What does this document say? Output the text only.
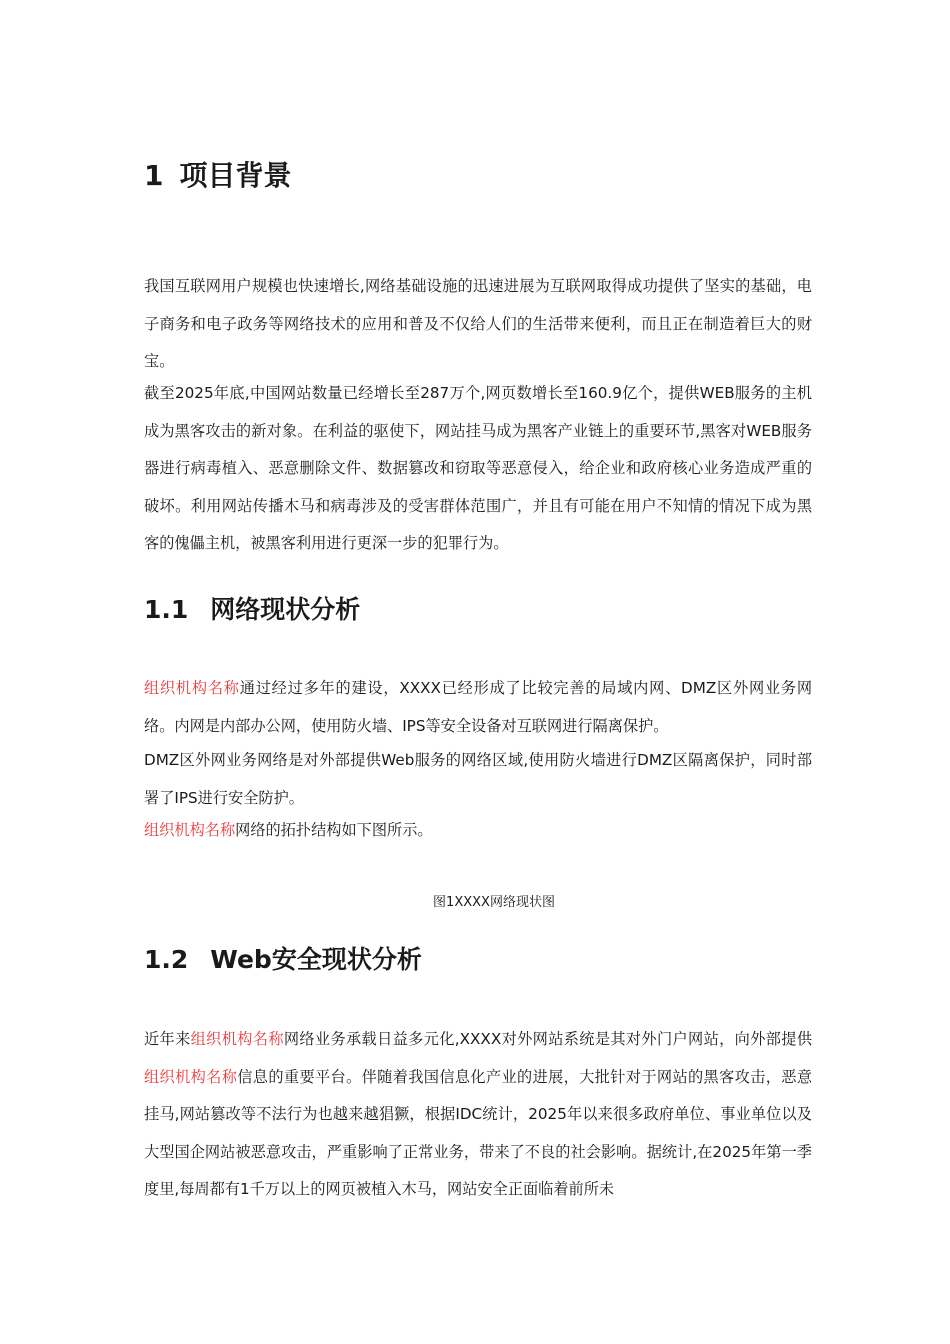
1 项目背景
我国互联网用户规模也快速增长,网络基础设施的迅速进展为互联网取得成功提供了坚实的基础，电子商务和电子政务等网络技术的应用和普及不仅给人们的生活带来便利，而且正在制造着巨大的财宝。
截至2025年底,中国网站数量已经增长至287万个,网页数增长至160.9亿个，提供WEB服务的主机成为黑客攻击的新对象。在利益的驱使下，网站挂马成为黑客产业链上的重要环节,黑客对WEB服务器进行病毒植入、恶意删除文件、数据篡改和窃取等恶意侵入，给企业和政府核心业务造成严重的破坏。利用网站传播木马和病毒涉及的受害群体范围广，并且有可能在用户不知情的情况下成为黑客的傀儡主机，被黑客利用进行更深一步的犯罪行为。
1.1 网络现状分析
组织机构名称通过经过多年的建设，XXXX已经形成了比较完善的局域内网、DMZ区外网业务网络。内网是内部办公网，使用防火墙、IPS等安全设备对互联网进行隔离保护。
DMZ区外网业务网络是对外部提供Web服务的网络区域,使用防火墙进行DMZ区隔离保护，同时部署了IPS进行安全防护。
组织机构名称网络的拓扑结构如下图所示。
图1XXXX网络现状图
1.2 Web安全现状分析
近年来组织机构名称网络业务承载日益多元化,XXXX对外网站系统是其对外门户网站，向外部提供组织机构名称信息的重要平台。伴随着我国信息化产业的进展，大批针对于网站的黑客攻击，恶意挂马,网站篡改等不法行为也越来越猖獗，根据IDC统计，2025年以来很多政府单位、事业单位以及大型国企网站被恶意攻击，严重影响了正常业务，带来了不良的社会影响。据统计,在2025年第一季度里,每周都有1千万以上的网页被植入木马，网站安全正面临着前所未
